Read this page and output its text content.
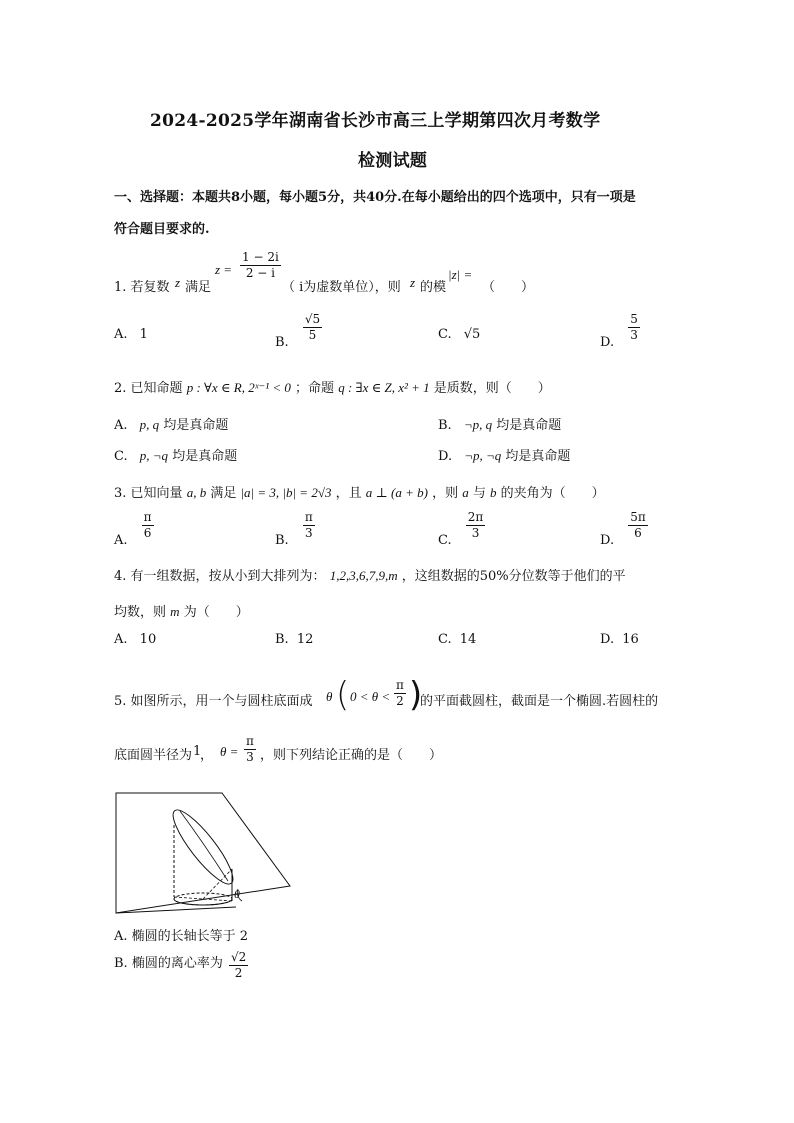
2024-2025学年湖南省长沙市高三上学期第四次月考数学
检测试题
一、选择题：本题共8小题，每小题5分，共40分.在每小题给出的四个选项中，只有一项是
符合题目要求的.
1. 若复数 z 满足
$z = \frac{1 - 2i}{2 - i}$
（ i为虚数单位），则 z 的模
|z| =
（　　）
A. 1
B. $\frac{√5}{5}$	C. √5
D. $\frac{5}{3}$
2. 已知命题 p : ∀x ∈ R, 2ˣ⁻¹ < 0 ；命题 q : ∃x ∈ Z, x² + 1 是质数，则（　　）
A. p, q 均是真命题	B. ¬p, q 均是真命题
C. p, ¬q 均是真命题	D. ¬p, ¬q 均是真命题
3. 已知向量 a, b 满足 |a| = 3, |b| = 2√3 ，且 a ⊥ (a + b) ，则 a 与 b 的夹角为（　　）
A. $\frac{\pi}{6}$	B. $\frac{\pi}{3}$	C. $\frac{2\pi}{3}$	D. $\frac{5\pi}{6}$
4. 有一组数据，按从小到大排列为： 1,2,3,6,7,9,m ，这组数据的50%分位数等于他们的平
均数，则 m 为（　　）
A. 10	B. 12	C. 14	D. 16
5. 如图所示，用一个与圆柱底面成 θ ( $0 < \theta < \frac{\pi}{2}$ )
的平面截圆柱，截面是一个椭圆.若圆柱的
底面圆半径为 1
， $\theta = \frac{\pi}{3}$ ，则下列结论正确的是（　　）
θ
A. 椭圆的长轴长等于 2
B. 椭圆的离心率为 $\frac{√2}{2}$
